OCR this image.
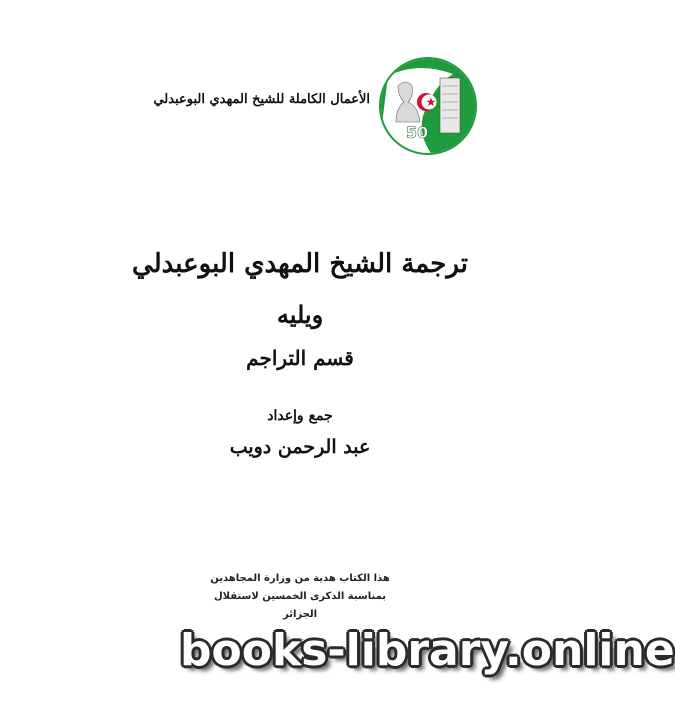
الأعمال الكاملة للشيخ المهدي البوعبدلي
50
ترجمة الشيخ المهدي البوعبدلي
ويليه
قسم التراجم
جمع وإعداد
عبد الرحمن دويب
هذا الكتاب هدية من وزارة المجاهدين
بمناسبة الذكرى الخمسين لاستقلال الجزائر
books-library.online
